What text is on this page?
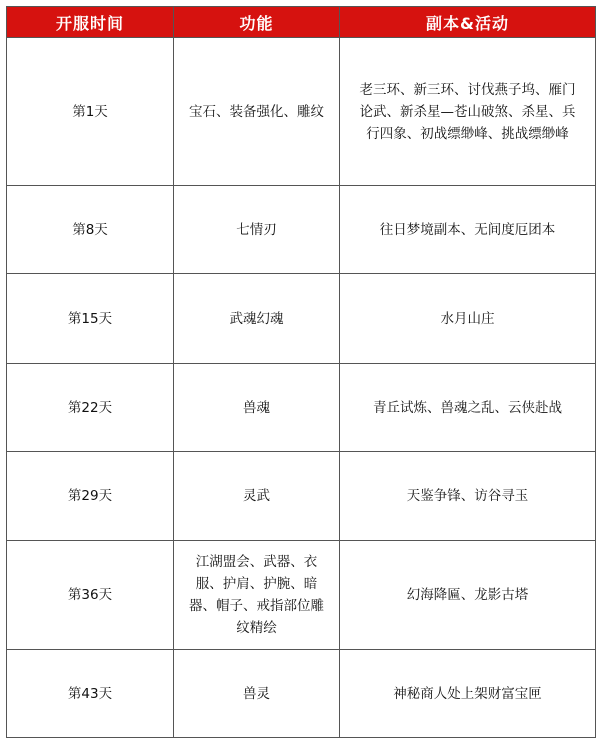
开服时间	功能	副本&活动
第1天	宝石、装备强化、雕纹	老三环、新三环、讨伐燕子坞、雁门论武、新杀星—苍山破煞、杀星、兵行四象、初战缥缈峰、挑战缥缈峰
第8天	七情刃	往日梦境副本、无间度厄团本
第15天	武魂幻魂	水月山庄
第22天	兽魂	青丘试炼、兽魂之乱、云侠赴战
第29天	灵武	天鉴争锋、访谷寻玉
第36天	江湖盟会、武器、衣服、护肩、护腕、暗器、帽子、戒指部位雕纹精绘	幻海降匾、龙影古塔
第43天	兽灵	神秘商人处上架财富宝匣
